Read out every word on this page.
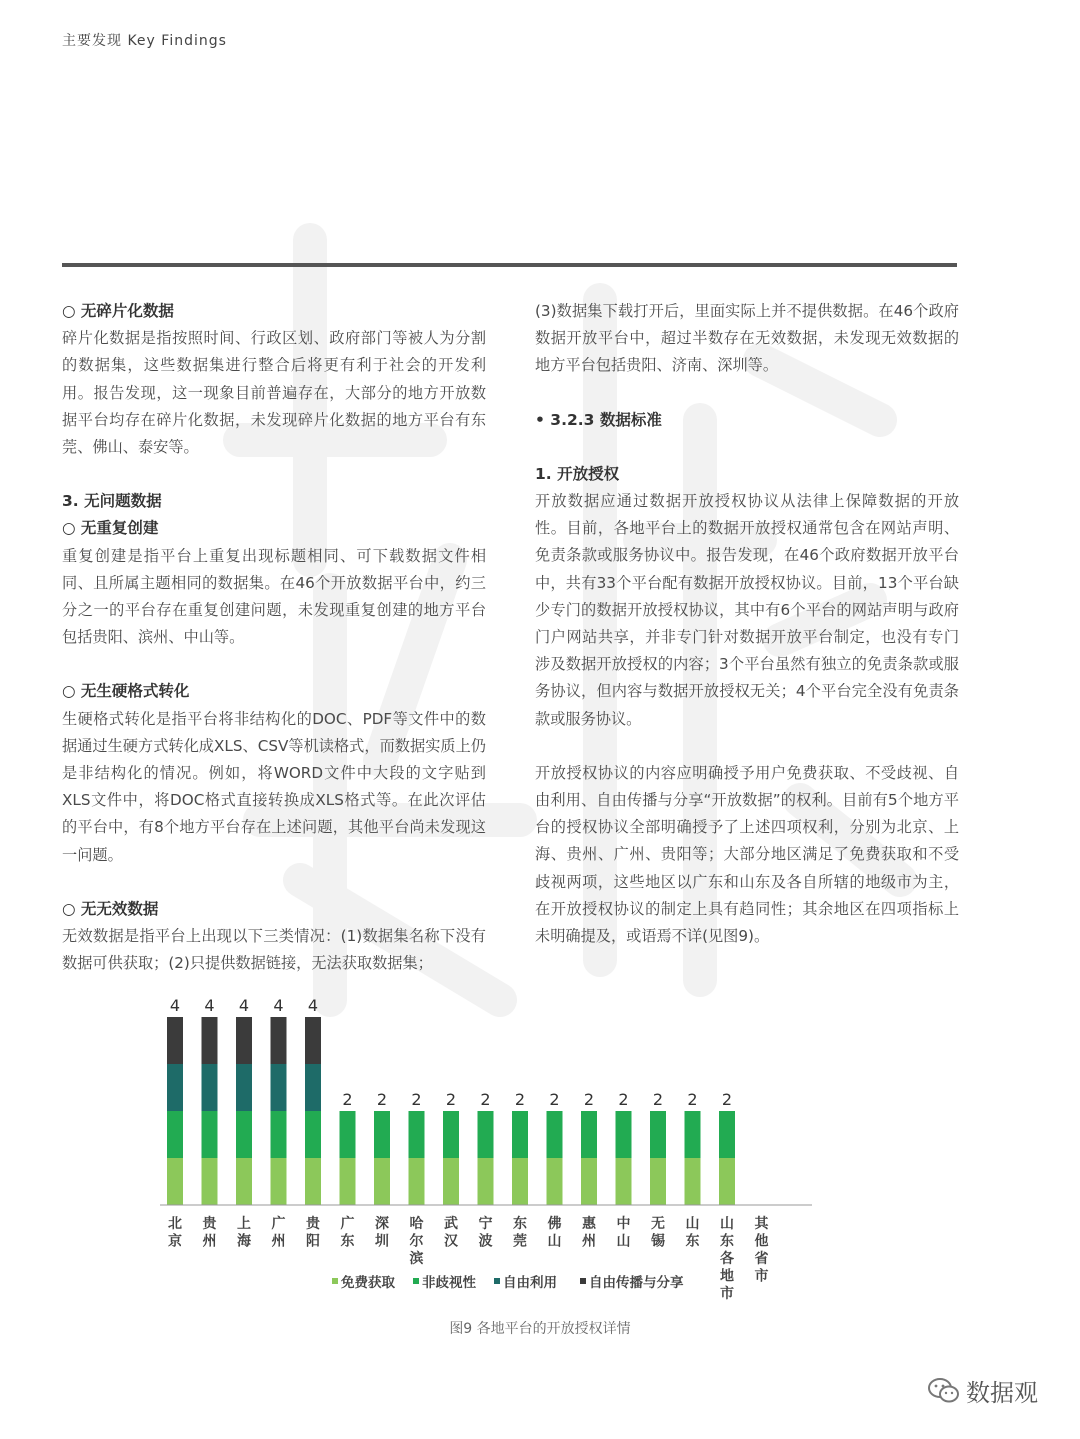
主要发现 Key Findings
○ 无碎片化数据

碎片化数据是指按照时间、行政区划、政府部门等被人为分割的数据集，这些数据集进行整合后将更有利于社会的开发利用。报告发现，这一现象目前普遍存在，大部分的地方开放数据平台均存在碎片化数据，未发现碎片化数据的地方平台有东莞、佛山、泰安等。

3. 无问题数据
○ 无重复创建

重复创建是指平台上重复出现标题相同、可下载数据文件相同、且所属主题相同的数据集。在46个开放数据平台中，约三分之一的平台存在重复创建问题，未发现重复创建的地方平台包括贵阳、滨州、中山等。

○ 无生硬格式转化

生硬格式转化是指平台将非结构化的DOC、PDF等文件中的数据通过生硬方式转化成XLS、CSV等机读格式，而数据实质上仍是非结构化的情况。例如，将WORD文件中大段的文字贴到XLS文件中，将DOC格式直接转换成XLS格式等。在此次评估的平台中，有8个地方平台存在上述问题，其他平台尚未发现这一问题。

○ 无无效数据

无效数据是指平台上出现以下三类情况：(1)数据集名称下没有数据可供获取；(2)只提供数据链接，无法获取数据集；

(3)数据集下载打开后，里面实际上并不提供数据。在46个政府数据开放平台中，超过半数存在无效数据，未发现无效数据的地方平台包括贵阳、济南、深圳等。

• 3.2.3 数据标准
1. 开放授权

开放数据应通过数据开放授权协议从法律上保障数据的开放性。目前，各地平台上的数据开放授权通常包含在网站声明、免责条款或服务协议中。报告发现，在46个政府数据开放平台中，共有33个平台配有数据开放授权协议。目前，13个平台缺少专门的数据开放授权协议，其中有6个平台的网站声明与政府门户网站共享，并非专门针对数据开放平台制定，也没有专门涉及数据开放授权的内容；3个平台虽然有独立的免责条款或服务协议，但内容与数据开放授权无关；4个平台完全没有免责条款或服务协议。

开放授权协议的内容应明确授予用户免费获取、不受歧视、自由利用、自由传播与分享“开放数据”的权利。目前有5个地方平台的授权协议全部明确授予了上述四项权利，分别为北京、上海、贵州、广州、贵阳等；大部分地区满足了免费获取和不受歧视两项，这些地区以广东和山东及各自所辖的地级市为主，在开放授权协议的制定上具有趋同性；其余地区在四项指标上未明确提及，或语焉不详(见图9)。

4
北
京
4
贵
州
4
上
海
4
广
州
4
贵
阳
2
广
东
2
深
圳
2
哈
尔
滨
2
武
汉
2
宁
波
2
东
莞
2
佛
山
2
惠
州
2
中
山
2
无
锡
2
山
东
2
山
东
各
地
市
其
他
省
市
免费获取 非歧视性 自由利用 自由传播与分享
图9 各地平台的开放授权详情
数据观
